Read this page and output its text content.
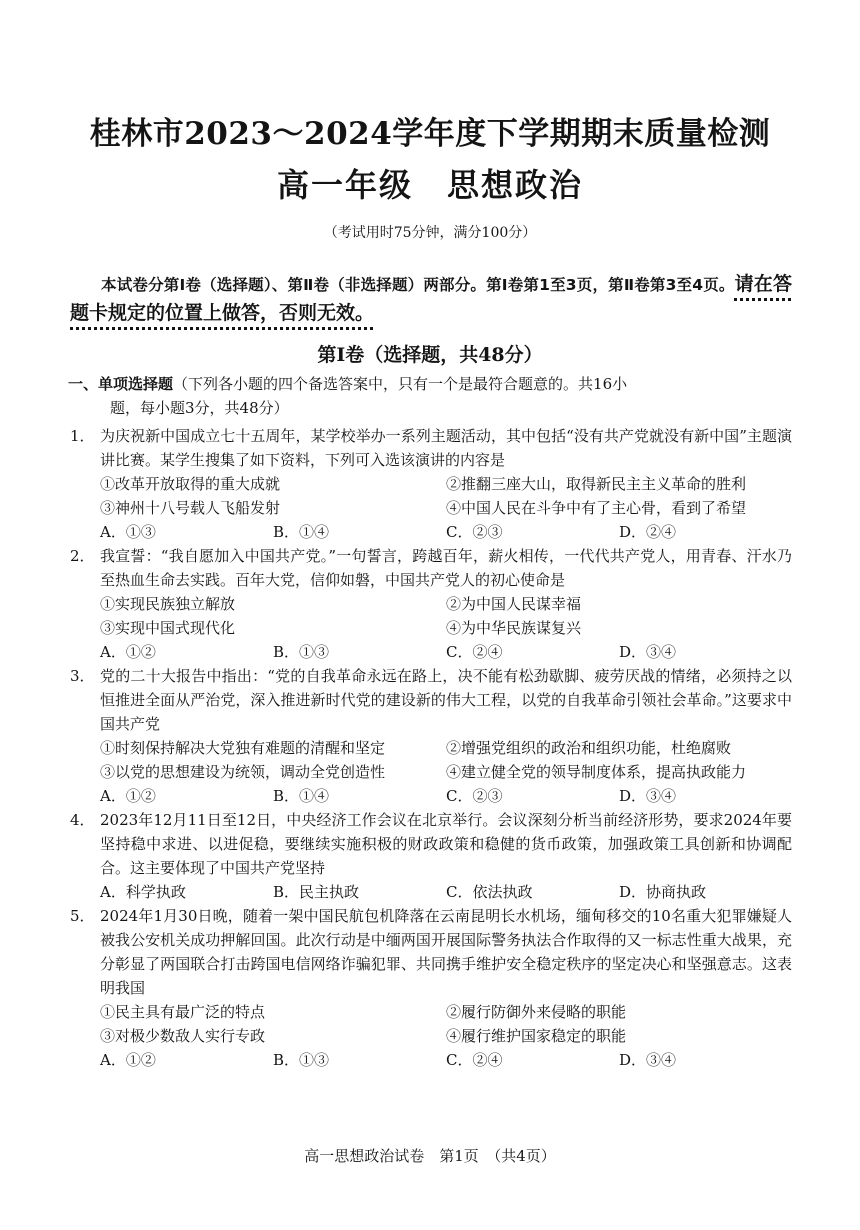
桂林市2023～2024学年度下学期期末质量检测
高一年级　思想政治
（考试用时75分钟，满分100分）
本试卷分第Ⅰ卷（选择题）、第Ⅱ卷（非选择题）两部分。第Ⅰ卷第1至3页，第Ⅱ卷第3至4页。请在答题卡规定的位置上做答，否则无效。
第Ⅰ卷（选择题，共48分）
一、单项选择题（下列各小题的四个备选答案中，只有一个是最符合题意的。共16小
题，每小题3分，共48分）
1． 为庆祝新中国成立七十五周年，某学校举办一系列主题活动，其中包括“没有共产党就没有新中国”主题演讲比赛。某学生搜集了如下资料，下列可入选该演讲的内容是
①改革开放取得的重大成就	②推翻三座大山，取得新民主主义革命的胜利
③神州十八号载人飞船发射	④中国人民在斗争中有了主心骨，看到了希望
A．①③	B．①④	C．②③	D．②④
2． 我宣誓：“我自愿加入中国共产党。”一句誓言，跨越百年，薪火相传，一代代共产党人，用青春、汗水乃至热血生命去实践。百年大党，信仰如磐，中国共产党人的初心使命是
①实现民族独立解放	②为中国人民谋幸福
③实现中国式现代化	④为中华民族谋复兴
A．①②	B．①③	C．②④	D．③④
3． 党的二十大报告中指出：“党的自我革命永远在路上，决不能有松劲歇脚、疲劳厌战的情绪，必须持之以恒推进全面从严治党，深入推进新时代党的建设新的伟大工程，以党的自我革命引领社会革命。”这要求中国共产党
①时刻保持解决大党独有难题的清醒和坚定	②增强党组织的政治和组织功能，杜绝腐败
③以党的思想建设为统领，调动全党创造性	④建立健全党的领导制度体系，提高执政能力
A．①②	B．①④	C．②③	D．③④
4． 2023年12月11日至12日，中央经济工作会议在北京举行。会议深刻分析当前经济形势，要求2024年要坚持稳中求进、以进促稳，要继续实施积极的财政政策和稳健的货币政策，加强政策工具创新和协调配合。这主要体现了中国共产党坚持
A．科学执政	B．民主执政	C．依法执政	D．协商执政
5． 2024年1月30日晚，随着一架中国民航包机降落在云南昆明长水机场，缅甸移交的10名重大犯罪嫌疑人被我公安机关成功押解回国。此次行动是中缅两国开展国际警务执法合作取得的又一标志性重大战果，充分彰显了两国联合打击跨国电信网络诈骗犯罪、共同携手维护安全稳定秩序的坚定决心和坚强意志。这表明我国
①民主具有最广泛的特点	②履行防御外来侵略的职能
③对极少数敌人实行专政	④履行维护国家稳定的职能
A．①②	B．①③	C．②④	D．③④
高一思想政治试卷　第1页　（共4页）
